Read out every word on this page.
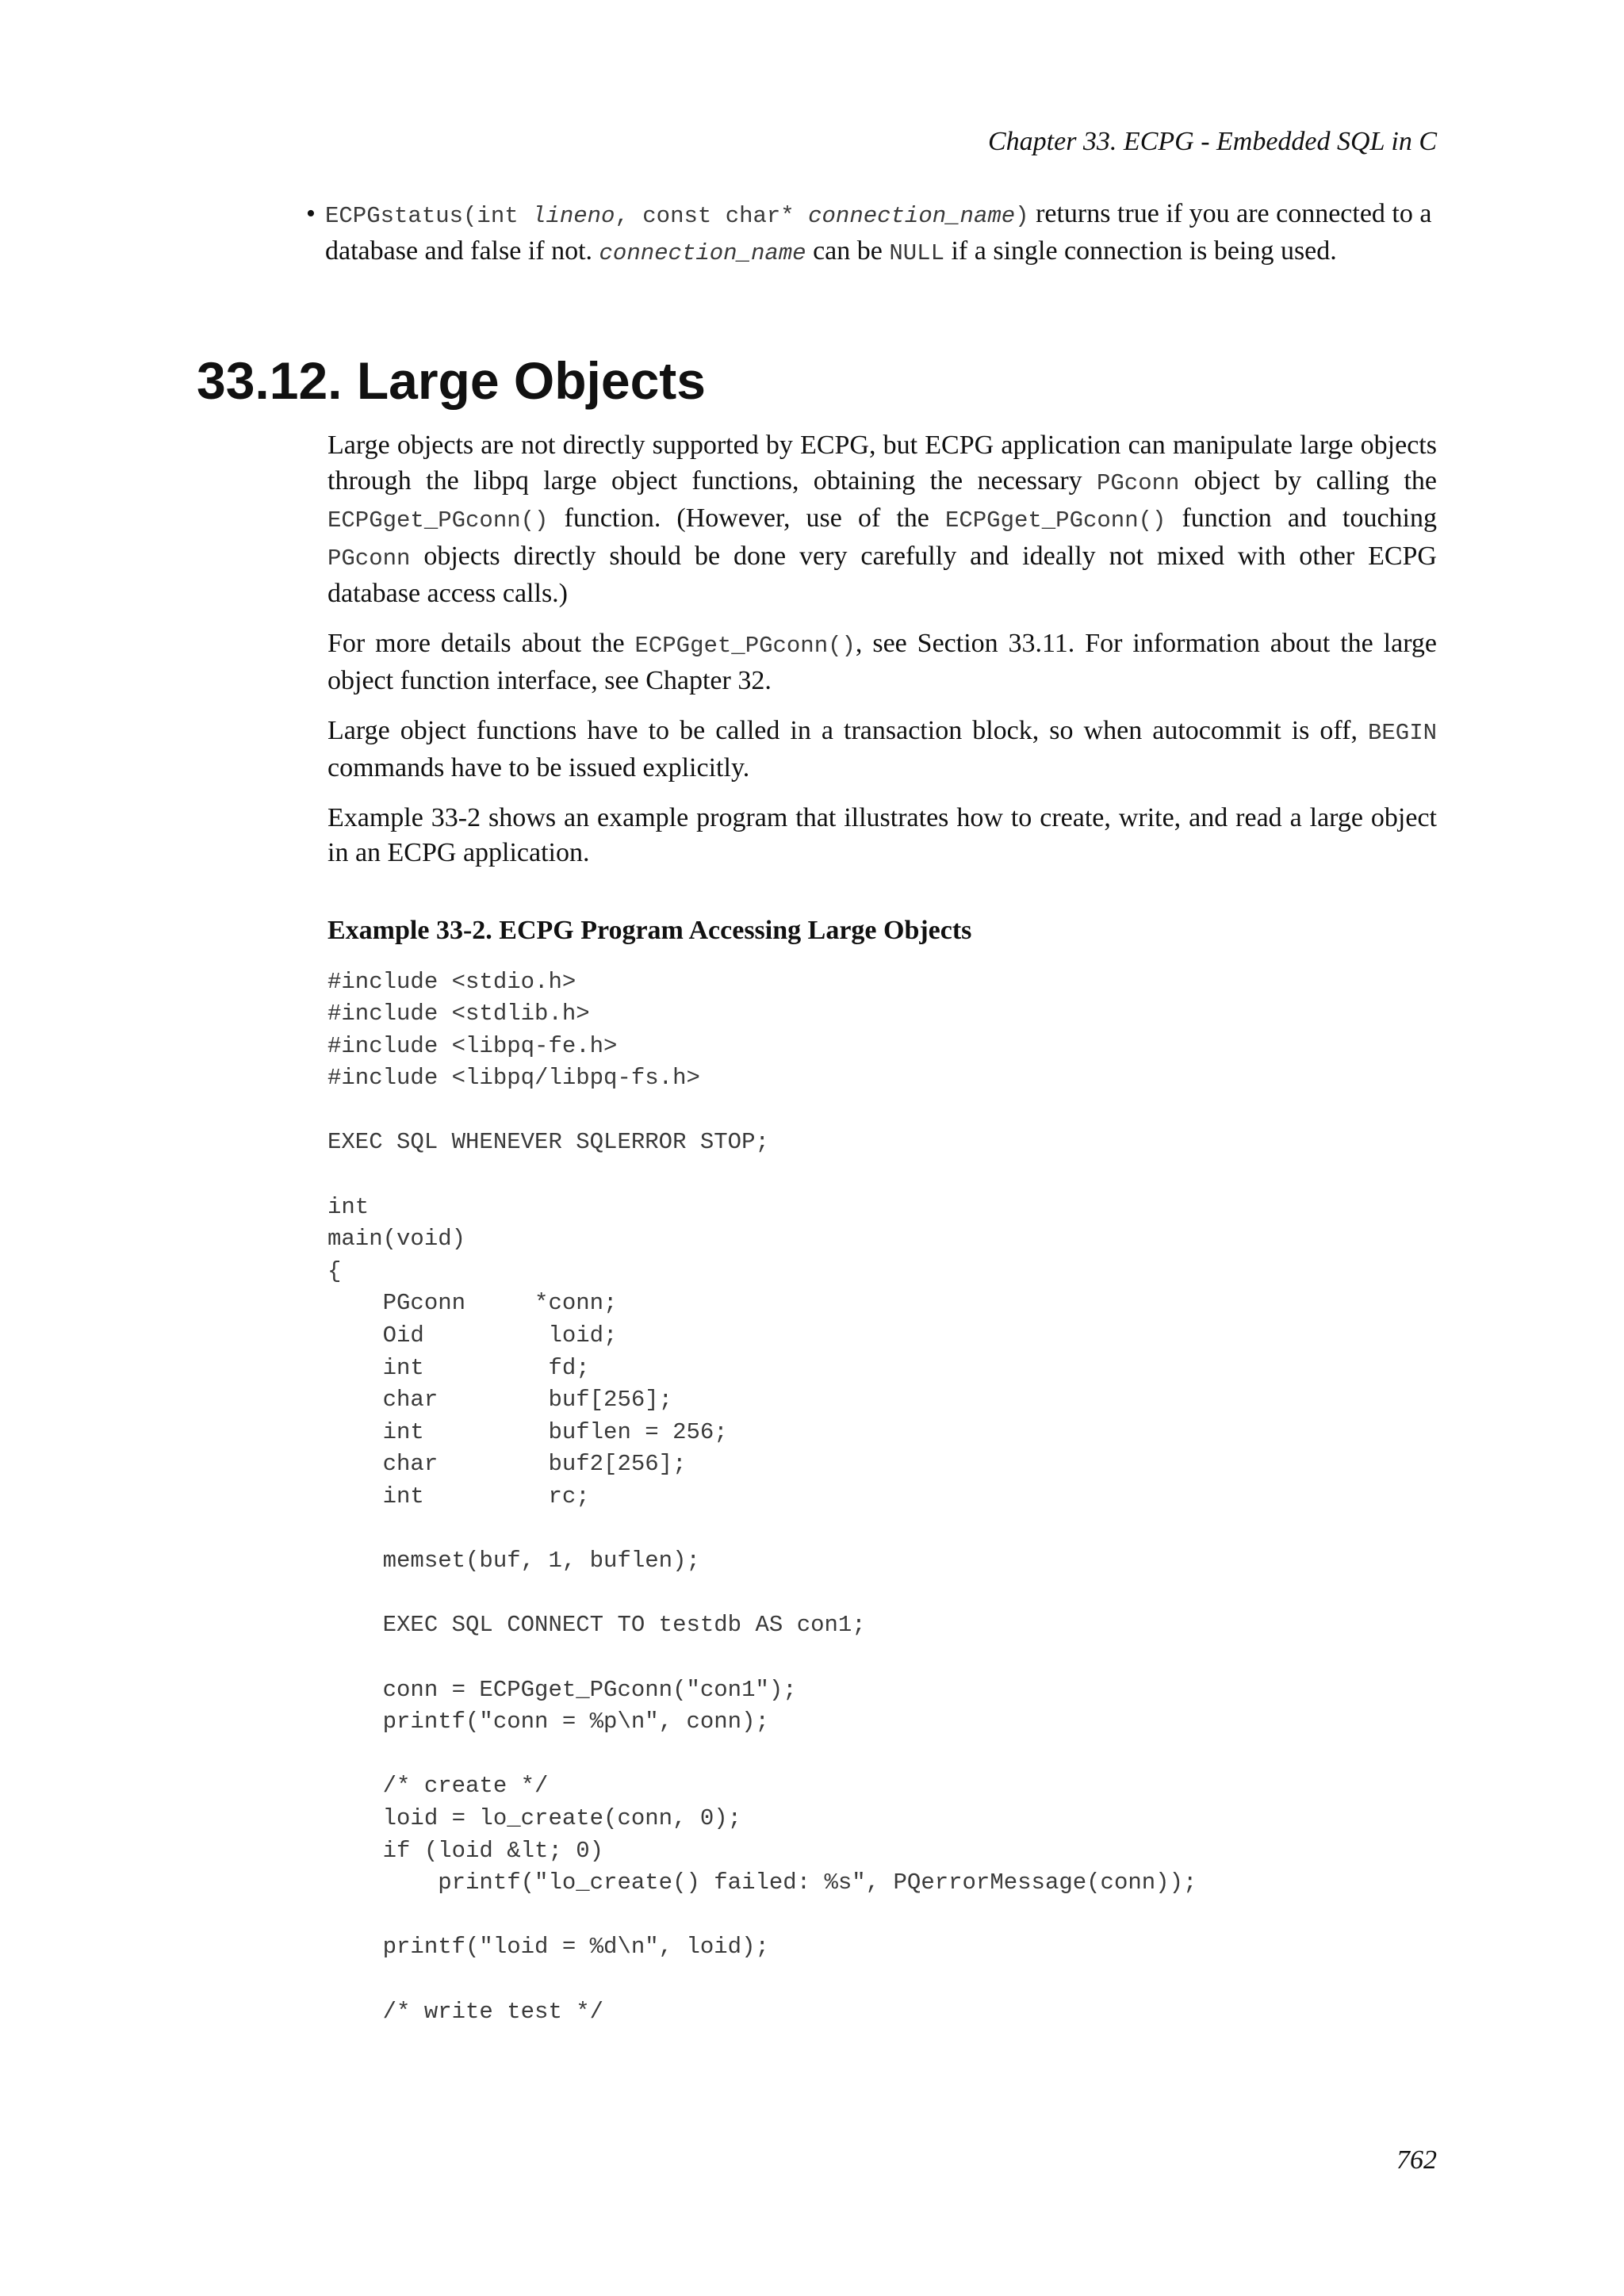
Chapter 33. ECPG - Embedded SQL in C
• ECPGstatus(int lineno, const char* connection_name) returns true if you are connected to a database and false if not. connection_name can be NULL if a single connection is being used.
33.12. Large Objects

Large objects are not directly supported by ECPG, but ECPG application can manipulate large objects through the libpq large object functions, obtaining the necessary PGconn object by calling the ECPGget_PGconn() function. (However, use of the ECPGget_PGconn() function and touching PGconn objects directly should be done very carefully and ideally not mixed with other ECPG database access calls.)

For more details about the ECPGget_PGconn(), see Section 33.11. For information about the large object function interface, see Chapter 32.

Large object functions have to be called in a transaction block, so when autocommit is off, BEGIN commands have to be issued explicitly.

Example 33-2 shows an example program that illustrates how to create, write, and read a large object in an ECPG application.

Example 33-2. ECPG Program Accessing Large Objects
#include <stdio.h>
#include <stdlib.h>
#include <libpq-fe.h>
#include <libpq/libpq-fs.h>

EXEC SQL WHENEVER SQLERROR STOP;

int
main(void)
{
PGconn     *conn;
Oid         loid;
int         fd;
char        buf[256];
int         buflen = 256;
char        buf2[256];
int         rc;

memset(buf, 1, buflen);

EXEC SQL CONNECT TO testdb AS con1;

conn = ECPGget_PGconn("con1");
printf("conn = %p\n", conn);

/* create */
loid = lo_create(conn, 0);
if (loid &lt; 0)
printf("lo_create() failed: %s", PQerrorMessage(conn));

printf("loid = %d\n", loid);

/* write test */
762
